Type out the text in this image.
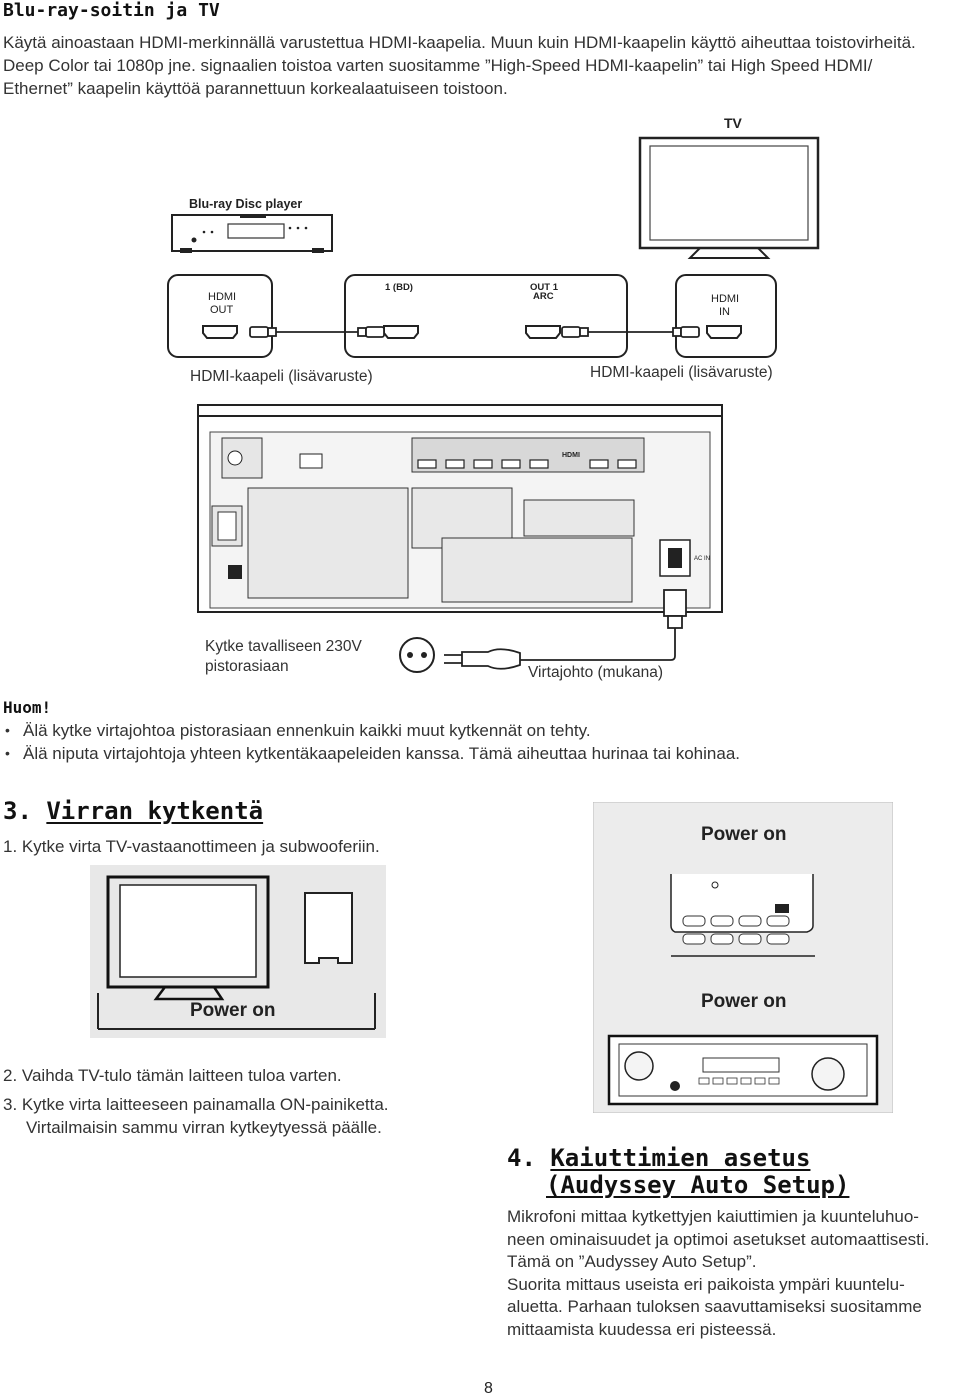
Blu-ray-soitin ja TV
Käytä ainoastaan HDMI-merkinnällä varustettua HDMI-kaapelia. Muun kuin HDMI-kaapelin käyttö aiheuttaa toistovirheitä.
Deep Color tai 1080p jne. signaalien toistoa varten suositamme ”High-Speed HDMI-kaapelin” tai High Speed HDMI/
Ethernet” kaapelin käyttöä parannettuun korkealaatuiseen toistoon.
TV
Blu-ray Disc player
HDMI
OUT
1 (BD)	OUT 1
ARC	HDMI
IN
HDMI-kaapeli (lisävaruste)	HDMI-kaapeli (lisävaruste)
HDMI
AC IN
Kytke tavalliseen 230V
pistorasiaan	Virtajohto (mukana)
Huom!
• Älä kytke virtajohtoa pistorasiaan ennenkuin kaikki muut kytkennät on tehty.
• Älä niputa virtajohtoja yhteen kytkentäkaapeleiden kanssa. Tämä aiheuttaa hurinaa tai kohinaa.
3. Virran kytkentä
1. Kytke virta TV-vastaanottimeen ja subwooferiin.
Power on
2. Vaihda TV-tulo tämän laitteen tuloa varten.
3. Kytke virta laitteeseen painamalla ON-painiketta.
Virtailmaisin sammu virran kytkeytyessä päälle.
Power on
Power on
4. Kaiuttimien asetus
(Audyssey Auto Setup)
Mikrofoni mittaa kytkettyjen kaiuttimien ja kuunteluhuo-
neen ominaisuudet ja optimoi asetukset automaattisesti.
Tämä on ”Audyssey Auto Setup”.
Suorita mittaus useista eri paikoista ympäri kuuntelu-
aluetta. Parhaan tuloksen saavuttamiseksi suositamme
mittaamista kuudessa eri pisteessä.
8
